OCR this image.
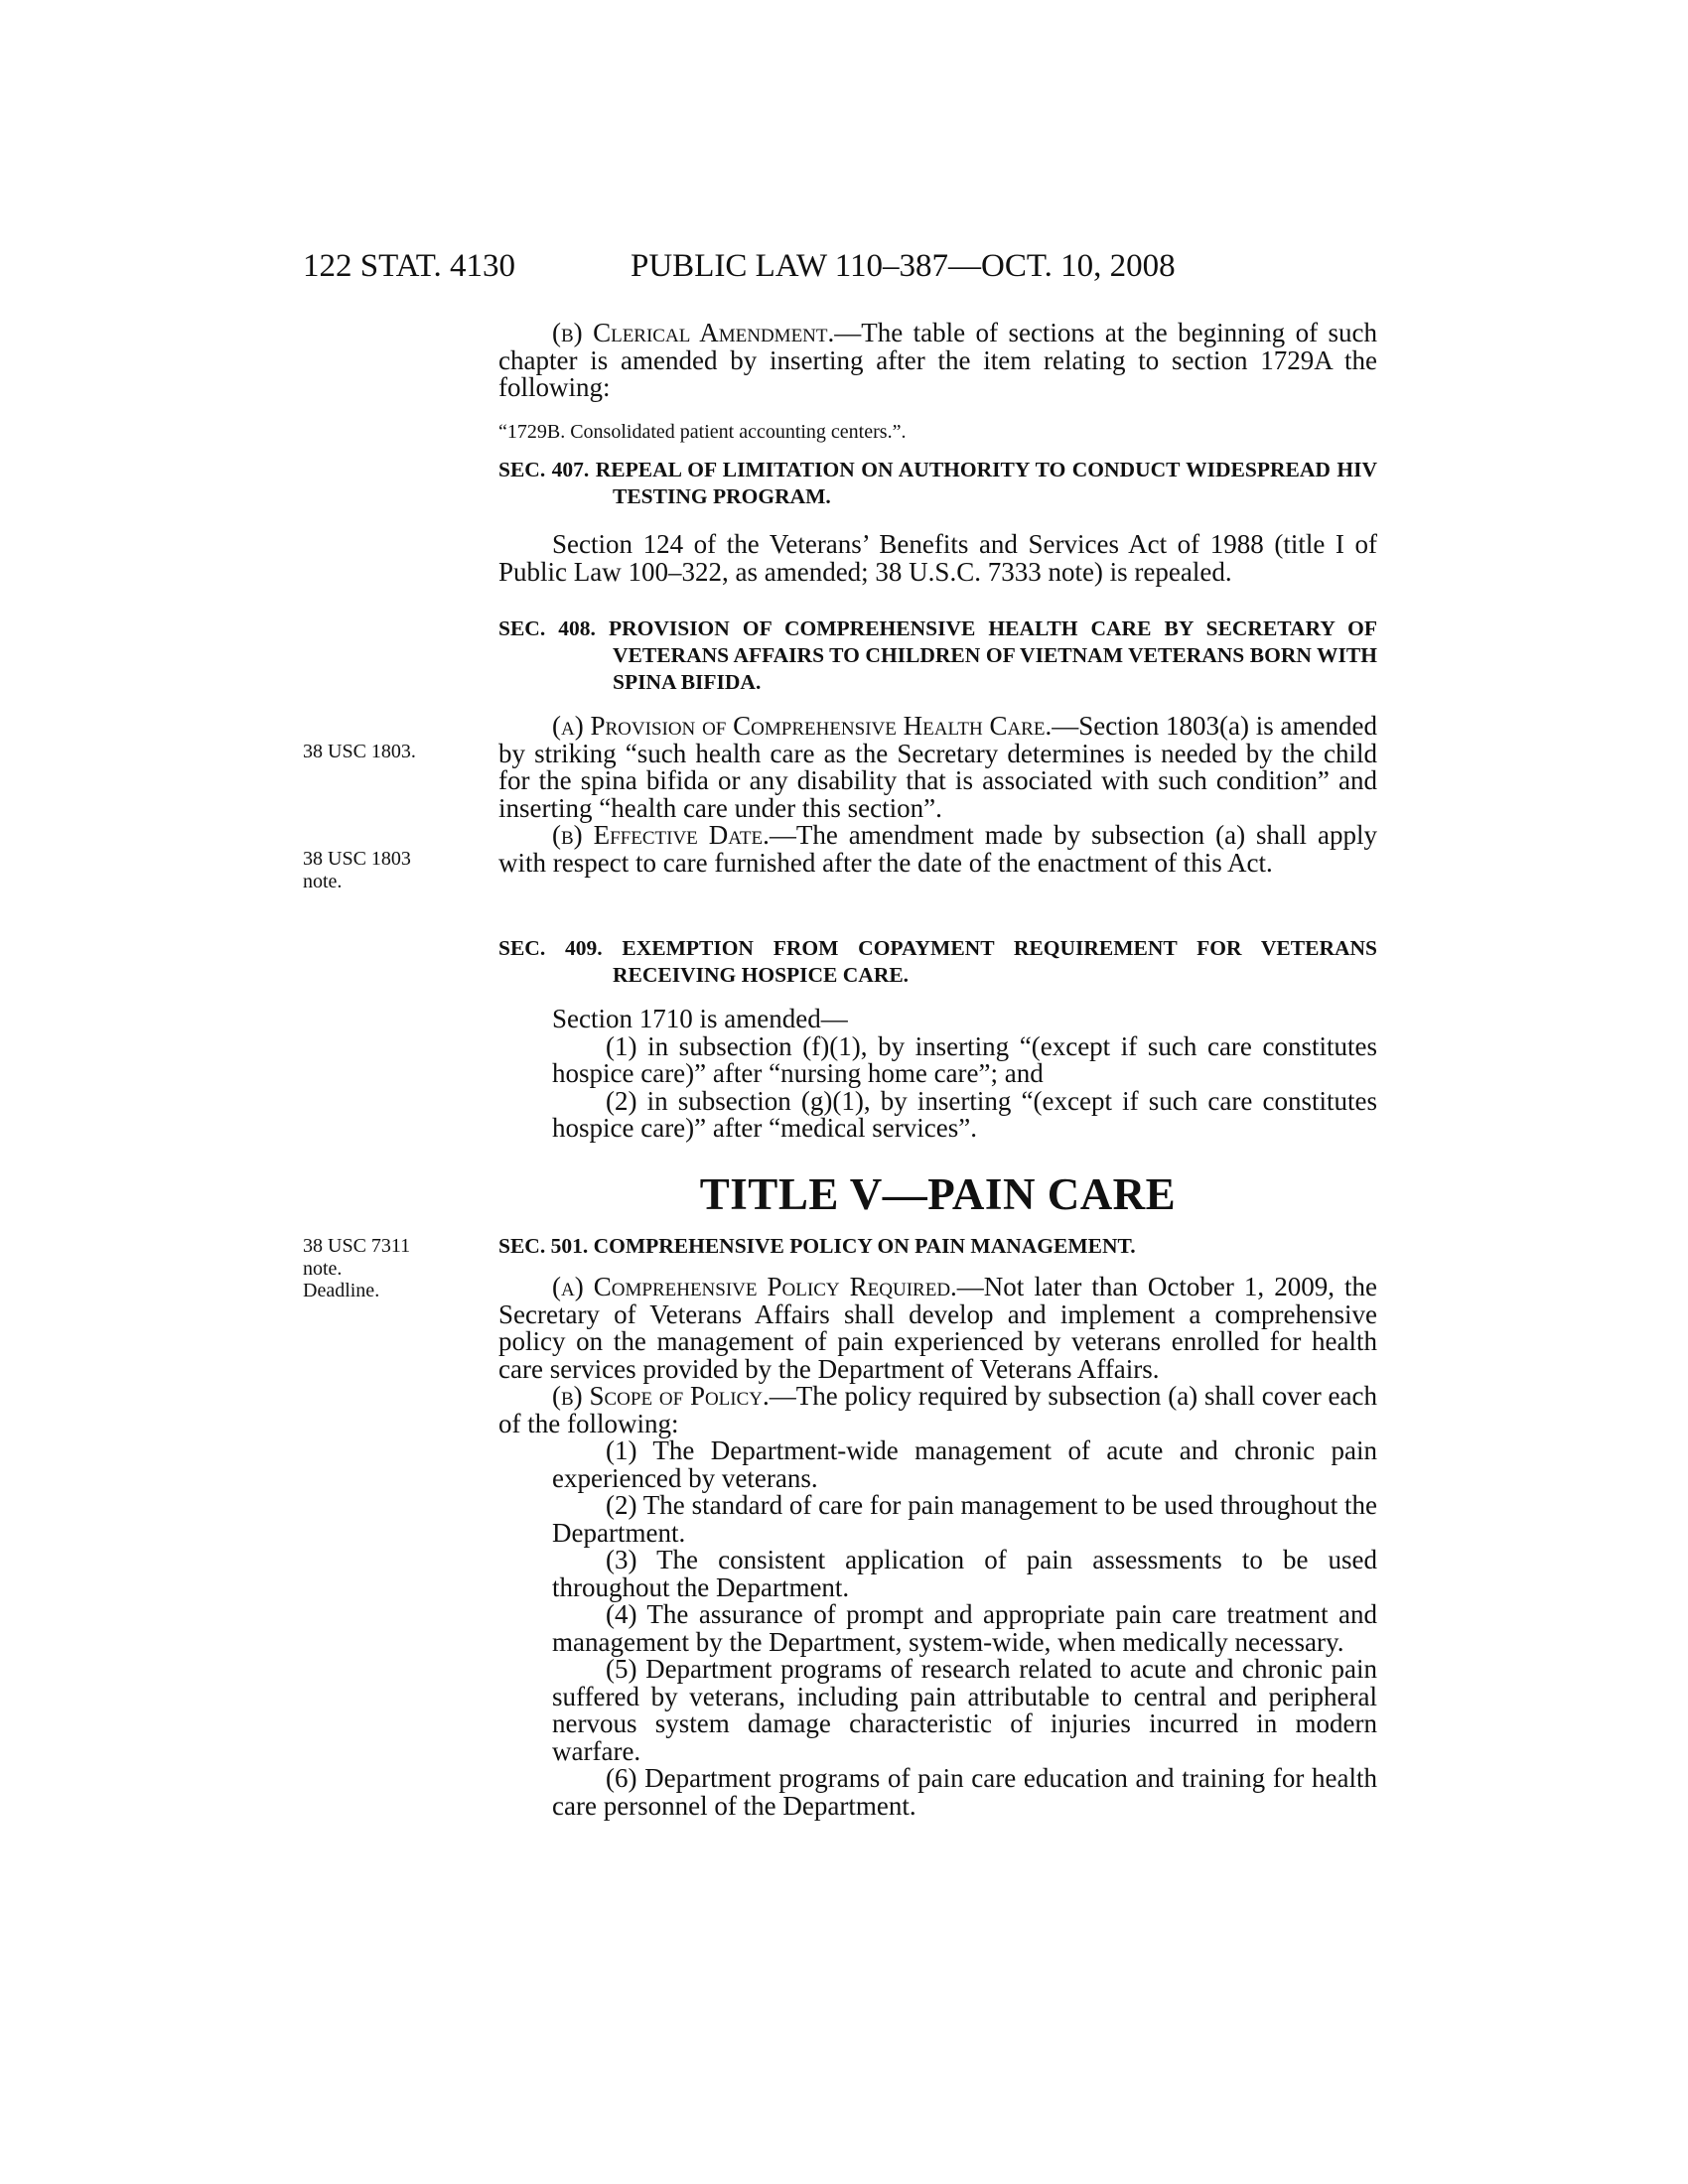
122 STAT. 4130	PUBLIC LAW 110–387—OCT. 10, 2008

(b) Clerical Amendment.—The table of sections at the beginning of such chapter is amended by inserting after the item relating to section 1729A the following:

“1729B. Consolidated patient accounting centers.”.
SEC. 407. REPEAL OF LIMITATION ON AUTHORITY TO CONDUCT WIDESPREAD HIV TESTING PROGRAM.

Section 124 of the Veterans’ Benefits and Services Act of 1988 (title I of Public Law 100–322, as amended; 38 U.S.C. 7333 note) is repealed.

SEC. 408. PROVISION OF COMPREHENSIVE HEALTH CARE BY SECRETARY OF VETERANS AFFAIRS TO CHILDREN OF VIETNAM VETERANS BORN WITH SPINA BIFIDA.

(a) Provision of Comprehensive Health Care.—Section 1803(a) is amended by striking “such health care as the Secretary determines is needed by the child for the spina bifida or any disability that is associated with such condition” and inserting “health care under this section”.

(b) Effective Date.—The amendment made by subsection (a) shall apply with respect to care furnished after the date of the enactment of this Act.

38 USC 1803.
38 USC 1803 note.
SEC. 409. EXEMPTION FROM COPAYMENT REQUIREMENT FOR VETERANS RECEIVING HOSPICE CARE.

Section 1710 is amended—

(1) in subsection (f)(1), by inserting “(except if such care constitutes hospice care)” after “nursing home care”; and

(2) in subsection (g)(1), by inserting “(except if such care constitutes hospice care)” after “medical services”.

TITLE V—PAIN CARE
38 USC 7311 note. Deadline.
SEC. 501. COMPREHENSIVE POLICY ON PAIN MANAGEMENT.

(a) Comprehensive Policy Required.—Not later than October 1, 2009, the Secretary of Veterans Affairs shall develop and implement a comprehensive policy on the management of pain experienced by veterans enrolled for health care services provided by the Department of Veterans Affairs.

(b) Scope of Policy.—The policy required by subsection (a) shall cover each of the following:

(1) The Department-wide management of acute and chronic pain experienced by veterans.

(2) The standard of care for pain management to be used throughout the Department.

(3) The consistent application of pain assessments to be used throughout the Department.

(4) The assurance of prompt and appropriate pain care treatment and management by the Department, system-wide, when medically necessary.

(5) Department programs of research related to acute and chronic pain suffered by veterans, including pain attributable to central and peripheral nervous system damage characteristic of injuries incurred in modern warfare.

(6) Department programs of pain care education and training for health care personnel of the Department.
